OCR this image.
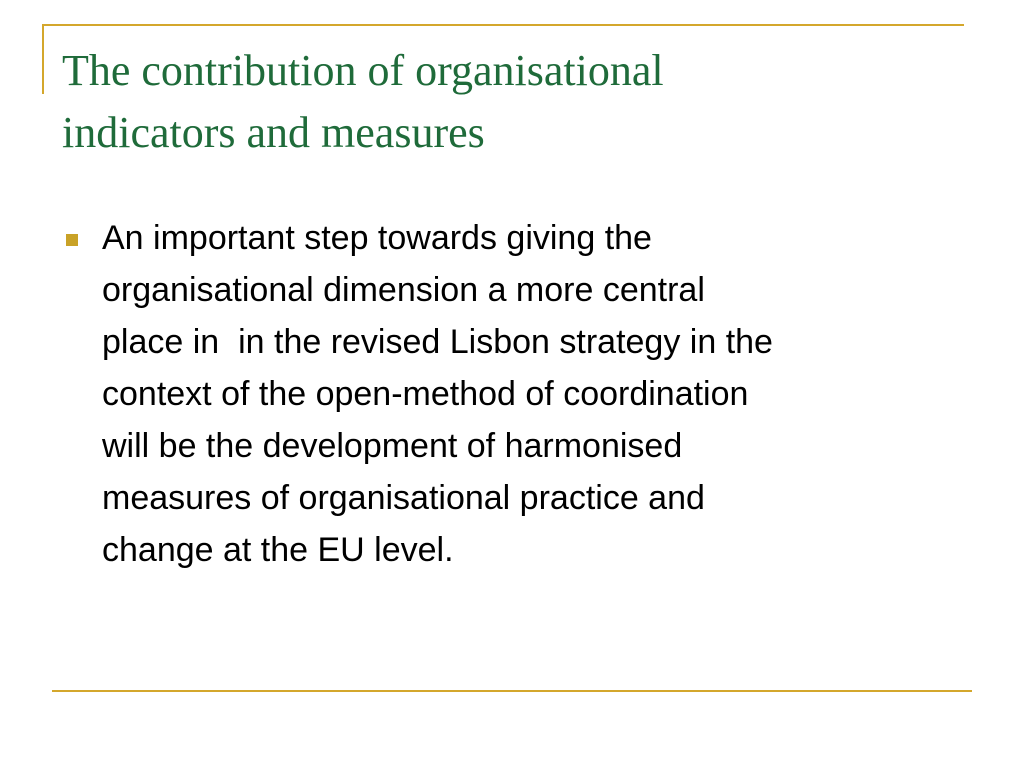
The contribution of organisational
indicators and measures
An important step towards giving the
organisational dimension a more central
place in  in the revised Lisbon strategy in the
context of the open-method of coordination
will be the development of harmonised
measures of organisational practice and
change at the EU level.
